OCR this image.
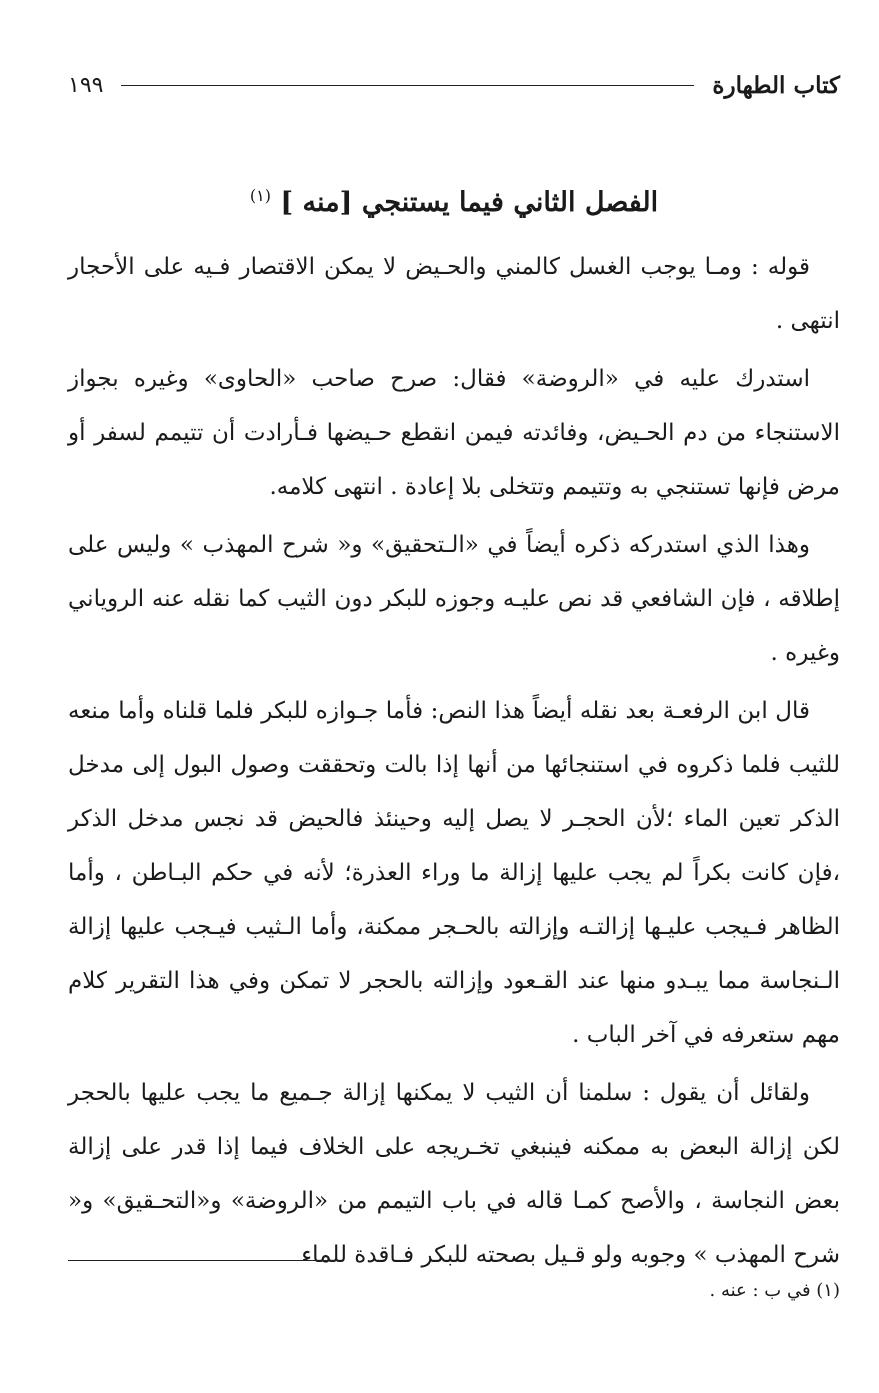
كتاب الطهارة
١٩٩
الفصل الثاني فيما يستنجي [منه ] $^{(١)}$

قوله : ومـا يوجب الغسل كالمني والحـيض لا يمكن الاقتصار فـيه على الأحجار انتهى .

استدرك عليه في «الروضة» فقال: صرح صاحب «الحاوى» وغيره بجواز الاستنجاء من دم الحـيض، وفائدته فيمن انقطع حـيضها فـأرادت أن تتيمم لسفر أو مرض فإنها تستنجي به وتتيمم وتتخلى بلا إعادة . انتهى كلامه.

وهذا الذي استدركه ذكره أيضاً في «الـتحقيق» و« شرح المهذب » وليس على إطلاقه ، فإن الشافعي قد نص عليـه وجوزه للبكر دون الثيب كما نقله عنه الروياني وغيره .

قال ابن الرفعـة بعد نقله أيضاً هذا النص: فأما جـوازه للبكر فلما قلناه وأما منعه للثيب فلما ذكروه في استنجائها من أنها إذا بالت وتحققت وصول البول إلى مدخل الذكر تعين الماء ؛لأن الحجـر لا يصل إليه وحينئذ فالحيض قد نجس مدخل الذكر ،فإن كانت بكراً لم يجب عليها إزالة ما وراء العذرة؛ لأنه في حكم البـاطن ، وأما الظاهر فـيجب عليـها إزالتـه وإزالته بالحـجر ممكنة، وأما الـثيب فيـجب عليها إزالة الـنجاسة مما يبـدو منها عند القـعود وإزالته بالحجر لا تمكن وفي هذا التقرير كلام مهم ستعرفه في آخر الباب .

ولقائل أن يقول : سلمنا أن الثيب لا يمكنها إزالة جـميع ما يجب عليها بالحجر لكن إزالة البعض به ممكنه فينبغي تخـريجه على الخلاف فيما إذا قدر على إزالة بعض النجاسة ، والأصح كمـا قاله في باب التيمم من «الروضة» و«التحـقيق» و« شرح المهذب » وجوبه ولو قـيل بصحته للبكر فـاقدة للماء

(١) في ب : عنه .
